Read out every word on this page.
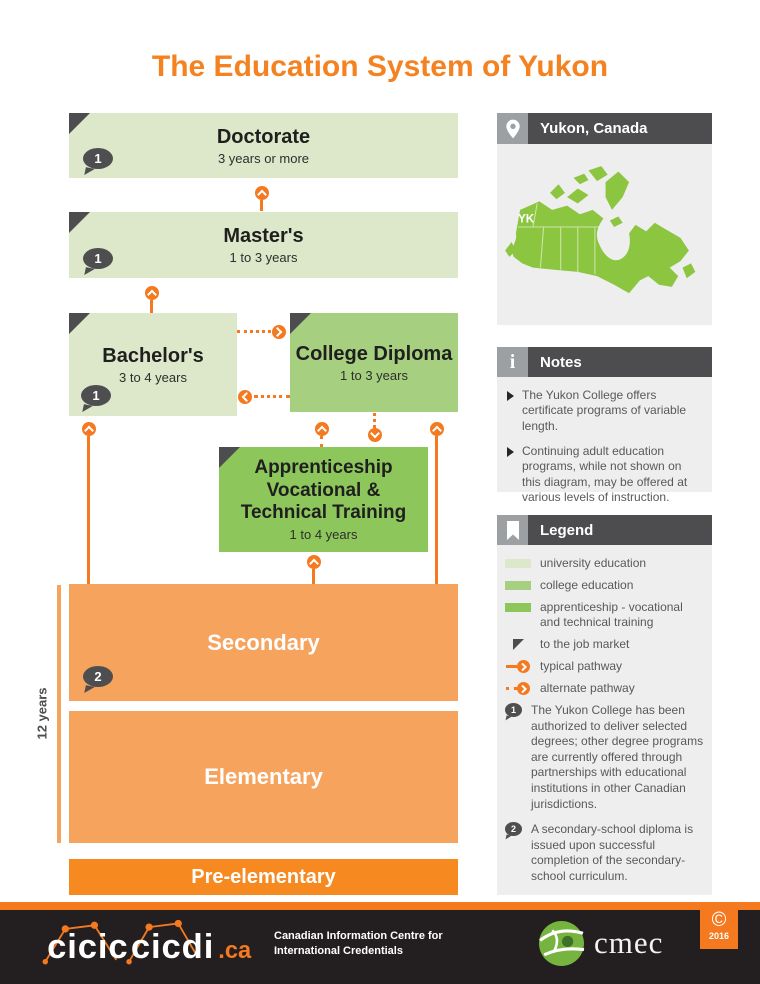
The Education System of Yukon
1
Doctorate
3 years or more
1
Master's
1 to 3 years
1
Bachelor's
3 to 4 years
College Diploma
1 to 3 years
Apprenticeship
Vocational &
Technical Training
1 to 4 years
2
Secondary
Elementary
Pre-elementary
12 years
Yukon, Canada
YK
i	Notes
The Yukon College offers certificate programs of variable length.
Continuing adult education programs, while not shown on this diagram, may be offered at various levels of instruction.
Legend
university education
college education
apprenticeship - vocational and technical training
to the job market
typical pathway
alternate pathway
1	The Yukon College has been authorized to deliver selected degrees; other degree programs are currently offered through partnerships with educational institutions in other Canadian jurisdictions.
2	A secondary-school diploma is issued upon successful completion of the secondary-school curriculum.
cicic cicdi .ca
Canadian Information Centre for
International Credentials	cmec
©
2016
